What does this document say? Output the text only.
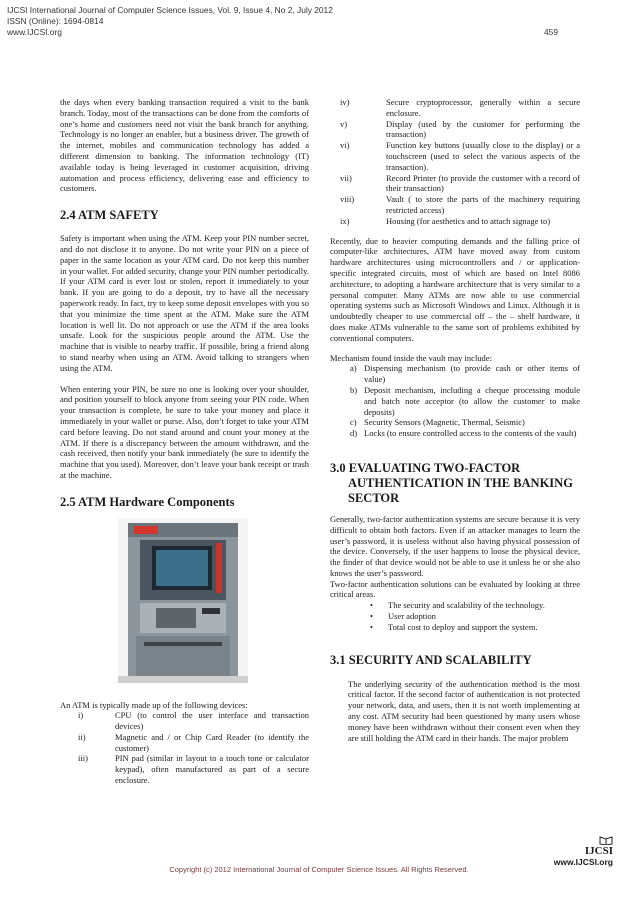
IJCSI International Journal of Computer Science Issues, Vol. 9, Issue 4, No 2, July 2012
ISSN (Online): 1694-0814
www.IJCSI.org	459

the days when every banking transaction required a visit to the bank branch. Today, most of the transactions can be done from the comforts of one’s home and customers need not visit the bank branch for anything. Technology is no longer an enabler, but a business driver. The growth of the internet, mobiles and communication technology has added a different dimension to banking. The information technology (IT) available today is being leveraged in customer acquisition, driving automation and process efficiency, delivering ease and efficiency to customers.

2.4 ATM SAFETY

Safety is important when using the ATM. Keep your PIN number secret, and do not disclose it to anyone. Do not write your PIN on a piece of paper in the same location as your ATM card. Do not keep this number in your wallet. For added security, change your PIN number periodically. If your ATM card is ever lost or stolen, report it immediately to your bank. If you are going to do a deposit, try to have all the necessary paperwork ready. In fact, try to keep some deposit envelopes with you so that you minimize the time spent at the ATM. Make sure the ATM location is well lit. Do not approach or use the ATM if the area looks unsafe. Look for the suspicious people around the ATM. Use the machine that is visible to nearby traffic. If possible, bring a friend along to stand nearby when using an ATM. Avoid talking to strangers when using the ATM.

When entering your PIN, be sure no one is looking over your shoulder, and position yourself to block anyone from seeing your PIN code. When your transaction is complete, be sure to take your money and place it immediately in your wallet or purse. Also, don’t forget to take your ATM card before leaving. Do not stand around and count your money at the ATM. If there is a discrepancy between the amount withdrawn, and the cash received, then notify your bank immediately (be sure to identify the machine that you used). Moreover, don’t leave your bank receipt or trash at the machine.

2.5 ATM Hardware Components

An ATM is typically made up of the following devices:

i)	CPU (to control the user interface and transaction devices)
ii)	Magnetic and / or Chip Card Reader (to identify the customer)
iii)	PIN pad (similar in layout to a touch tone or calculator keypad), often manufactured as part of a secure enclosure.
iv)	Secure cryptoprocessor, generally within a secure enclosure.
v)	Display (used by the customer for performing the transaction)
vi)	Function key buttons (usually close to the display) or a touchscreen (used to select the various aspects of the transaction).
vii)	Record Printer (to provide the customer with a record of their transaction)
viii)	Vault ( to store the parts of the machinery requiring restricted access)
ix)	Housing (for aesthetics and to attach signage to)

Recently, due to heavier computing demands and the falling price of computer-like architectures, ATM have moved away from custom hardware architectures using microcontrollers and / or application-specific integrated circuits, most of which are based on Intel 8086 architecture, to adopting a hardware architecture that is very similar to a personal computer. Many ATMs are now able to use commercial operating systems such as Microsoft Windows and Linux. Although it is undoubtedly cheaper to use commercial off – the – shelf hardware, it does make ATMs vulnerable to the same sort of problems exhibited by conventional computers.

Mechanism found inside the vault may include:

a) Dispensing mechanism (to provide cash or other items of value)
b) Deposit mechanism, including a cheque processing module and batch note acceptor (to allow the customer to make deposits)
c) Security Sensors (Magnetic, Thermal, Seismic)
d) Locks (to ensure controlled access to the contents of the vault)
3.0 EVALUATING TWO-FACTOR AUTHENTICATION IN THE BANKING SECTOR

Generally, two-factor authentication systems are secure because it is very difficult to obtain both factors. Even if an attacker manages to learn the user’s password, it is useless without also having physical possession of the device. Conversely, if the user happens to loose the physical device, the finder of that device would not be able to use it unless he or she also knows the user’s password.

Two-factor authentication solutions can be evaluated by looking at three critical areas.

•	The security and scalability of the technology.
•	User adoption
•	Total cost to deploy and support the system.
3.1 SECURITY AND SCALABILITY

The underlying security of the authentication method is the most critical factor. If the second factor of authentication is not protected your network, data, and users, then it is not worth implementing at any cost. ATM security had been questioned by many users whose money have been withdrawn without their consent even when they are still holding the ATM card in their hands. The major problem

IJCSI
www.IJCSI.org
Copyright (c) 2012 International Journal of Computer Science Issues. All Rights Reserved.
